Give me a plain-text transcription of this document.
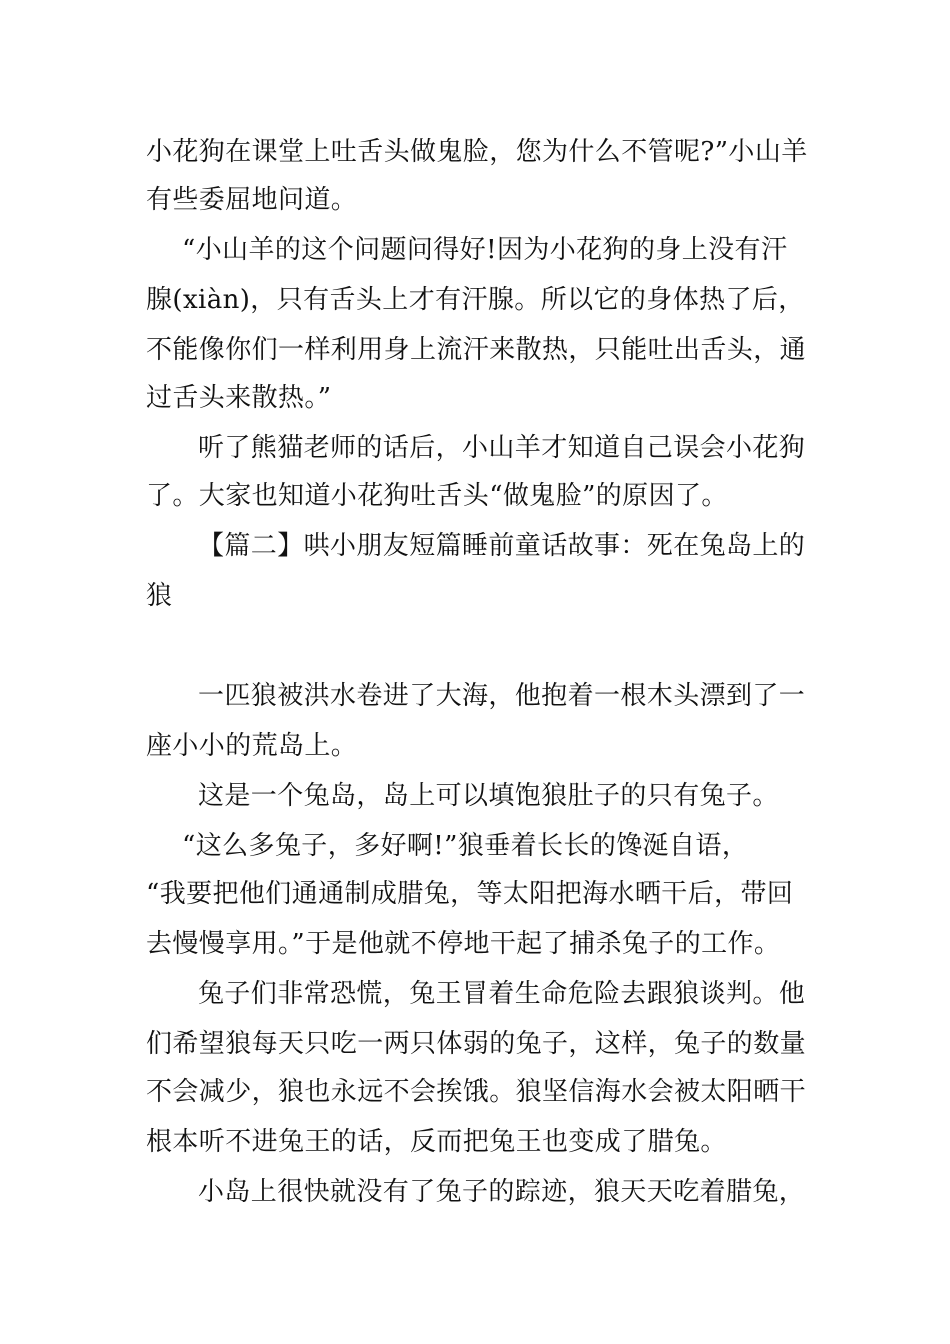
小花狗在课堂上吐舌头做鬼脸，您为什么不管呢?”小山羊
有些委屈地问道。
“小山羊的这个问题问得好!因为小花狗的身上没有汗
腺(xiàn)，只有舌头上才有汗腺。所以它的身体热了后，
不能像你们一样利用身上流汗来散热，只能吐出舌头，通
过舌头来散热。”
听了熊猫老师的话后，小山羊才知道自己误会小花狗
了。大家也知道小花狗吐舌头“做鬼脸”的原因了。
【篇二】哄小朋友短篇睡前童话故事：死在兔岛上的
狼
一匹狼被洪水卷进了大海，他抱着一根木头漂到了一
座小小的荒岛上。
这是一个兔岛，岛上可以填饱狼肚子的只有兔子。
“这么多兔子，多好啊!”狼垂着长长的馋涎自语，
“我要把他们通通制成腊兔，等太阳把海水晒干后，带回
去慢慢享用。”于是他就不停地干起了捕杀兔子的工作。
兔子们非常恐慌，兔王冒着生命危险去跟狼谈判。他
们希望狼每天只吃一两只体弱的兔子，这样，兔子的数量
不会减少，狼也永远不会挨饿。狼坚信海水会被太阳晒干
根本听不进兔王的话，反而把兔王也变成了腊兔。
小岛上很快就没有了兔子的踪迹，狼天天吃着腊兔，
